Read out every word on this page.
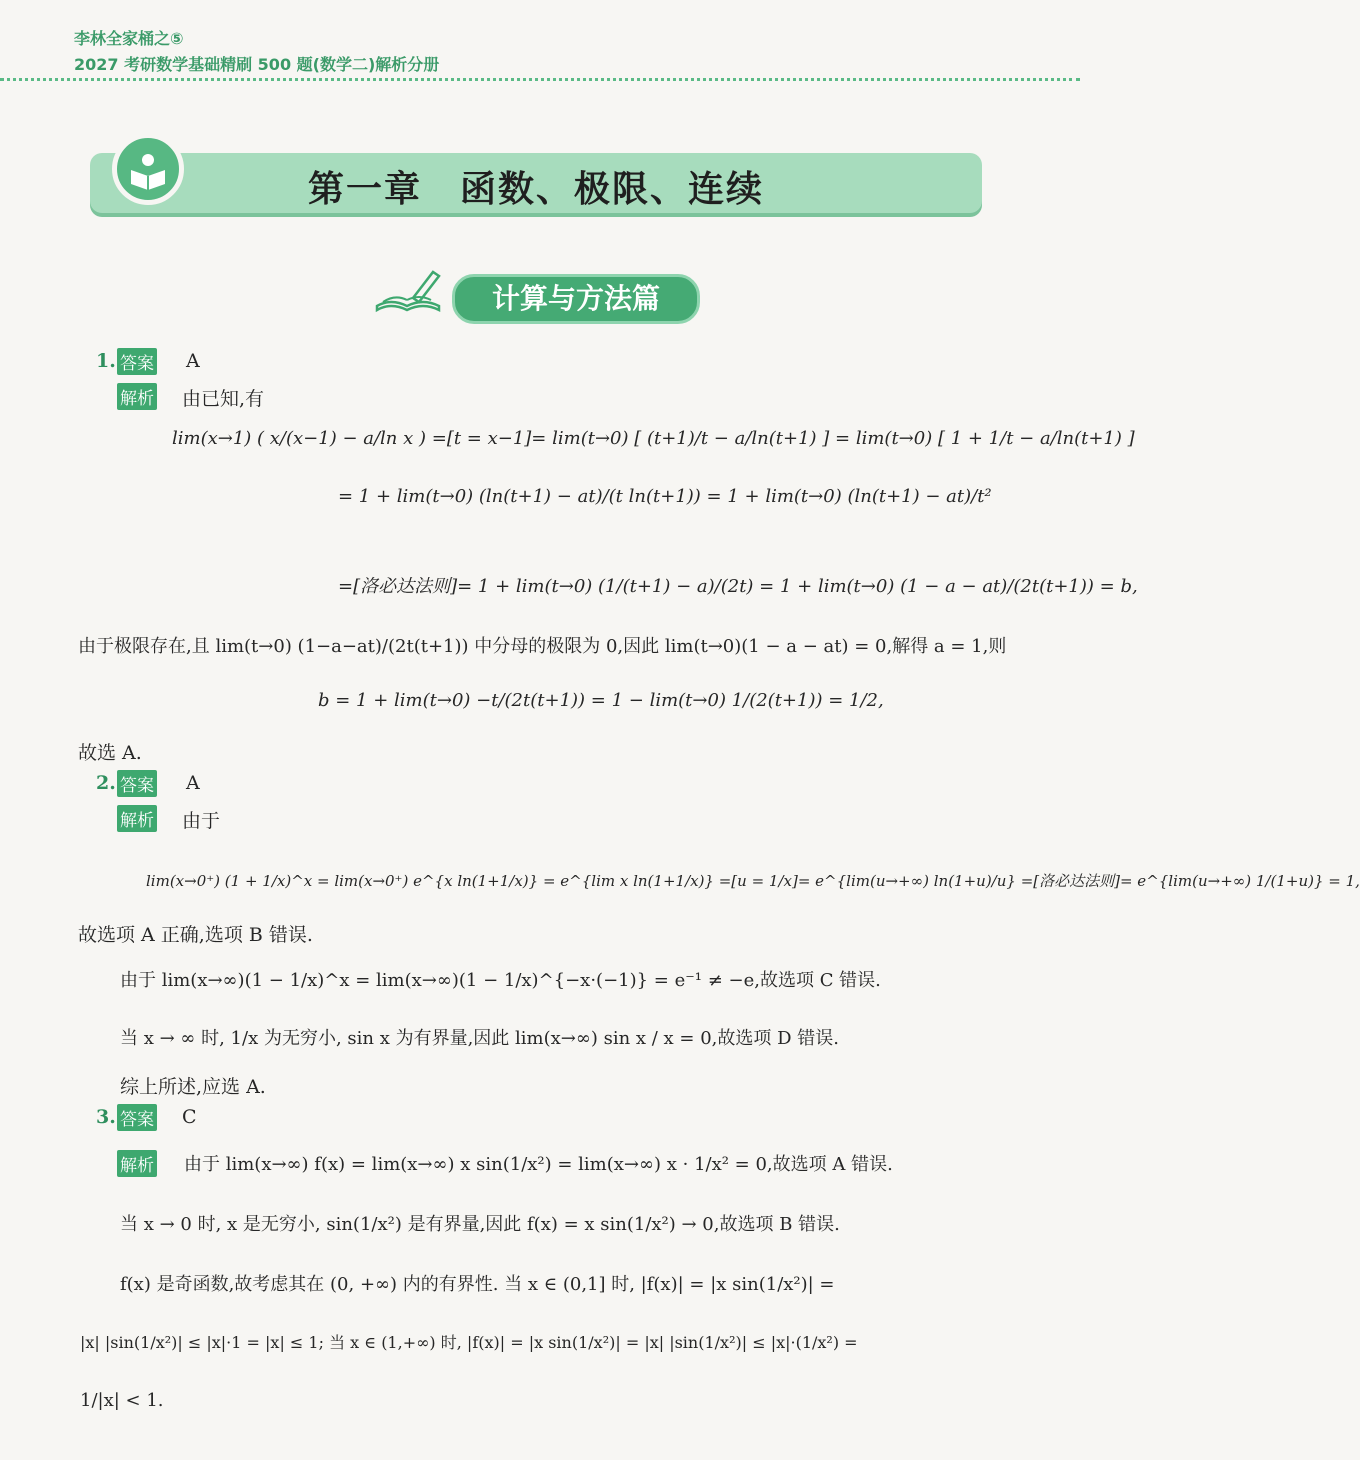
李林全家桶之⑤
2027 考研数学基础精刷 500 题(数学二)解析分册
第一章　函数、极限、连续
计算与方法篇
1. 答案 A
解析 由已知,有
lim(x→1) ( x/(x−1) − a/ln x ) =[t = x−1]= lim(t→0) [ (t+1)/t − a/ln(t+1) ] = lim(t→0) [ 1 + 1/t − a/ln(t+1) ]
= 1 + lim(t→0) (ln(t+1) − at)/(t ln(t+1)) = 1 + lim(t→0) (ln(t+1) − at)/t²
=[洛必达法则]= 1 + lim(t→0) (1/(t+1) − a)/(2t) = 1 + lim(t→0) (1 − a − at)/(2t(t+1)) = b,
由于极限存在,且 lim(t→0) (1−a−at)/(2t(t+1)) 中分母的极限为 0,因此 lim(t→0)(1 − a − at) = 0,解得 a = 1,则
b = 1 + lim(t→0) −t/(2t(t+1)) = 1 − lim(t→0) 1/(2(t+1)) = 1/2,
故选 A.
2. 答案 A
解析 由于
lim(x→0⁺) (1 + 1/x)^x = lim(x→0⁺) e^{x ln(1+1/x)} = e^{lim x ln(1+1/x)} =[u = 1/x]= e^{lim(u→+∞) ln(1+u)/u} =[洛必达法则]= e^{lim(u→+∞) 1/(1+u)} = 1,
故选项 A 正确,选项 B 错误.
由于 lim(x→∞)(1 − 1/x)^x = lim(x→∞)(1 − 1/x)^{−x·(−1)} = e⁻¹ ≠ −e,故选项 C 错误.
当 x → ∞ 时, 1/x 为无穷小, sin x 为有界量,因此 lim(x→∞) sin x / x = 0,故选项 D 错误.
综上所述,应选 A.
3. 答案 C
解析 由于 lim(x→∞) f(x) = lim(x→∞) x sin(1/x²) = lim(x→∞) x · 1/x² = 0,故选项 A 错误.
当 x → 0 时, x 是无穷小, sin(1/x²) 是有界量,因此 f(x) = x sin(1/x²) → 0,故选项 B 错误.
f(x) 是奇函数,故考虑其在 (0, +∞) 内的有界性. 当 x ∈ (0,1] 时, |f(x)| = |x sin(1/x²)| =
|x| |sin(1/x²)| ≤ |x|·1 = |x| ≤ 1; 当 x ∈ (1,+∞) 时, |f(x)| = |x sin(1/x²)| = |x| |sin(1/x²)| ≤ |x|·(1/x²) =
1/|x| < 1.
